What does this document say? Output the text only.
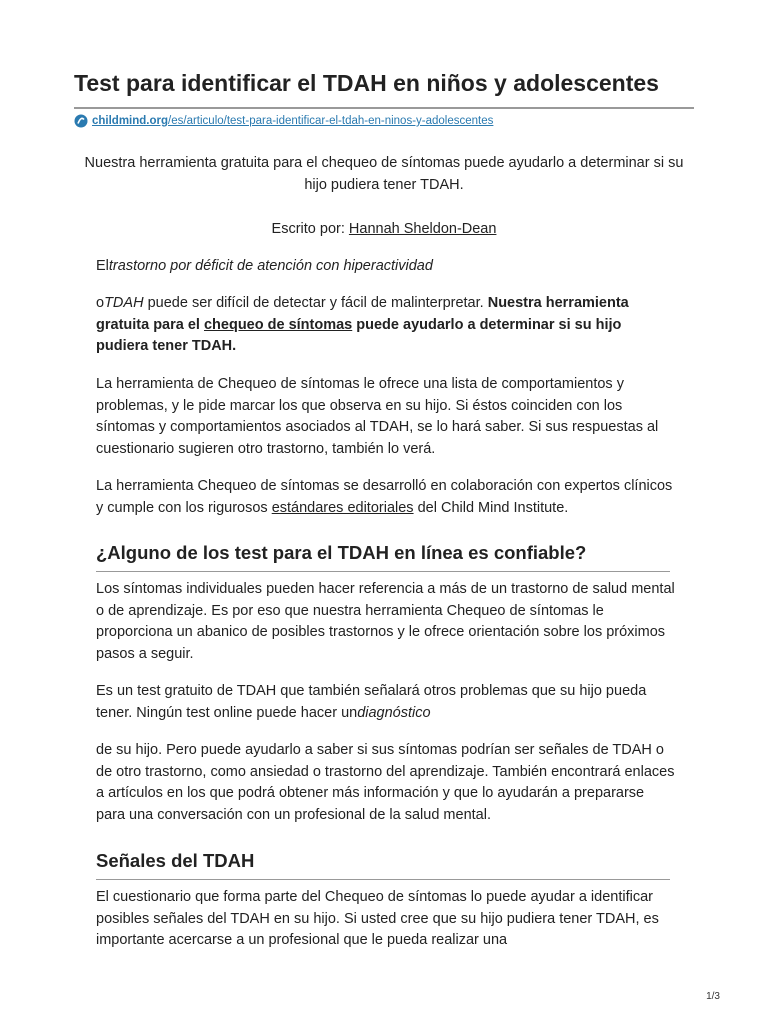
Test para identificar el TDAH en niños y adolescentes
childmind.org /es/articulo/test-para-identificar-el-tdah-en-ninos-y-adolescentes

Nuestra herramienta gratuita para el chequeo de síntomas puede ayudarlo a determinar si su hijo pudiera tener TDAH.

Escrito por: Hannah Sheldon-Dean

Eltrastorno por déficit de atención con hiperactividad

oTDAH puede ser difícil de detectar y fácil de malinterpretar. Nuestra herramienta gratuita para el chequeo de síntomas puede ayudarlo a determinar si su hijo pudiera tener TDAH.

La herramienta de Chequeo de síntomas le ofrece una lista de comportamientos y problemas, y le pide marcar los que observa en su hijo. Si éstos coinciden con los síntomas y comportamientos asociados al TDAH, se lo hará saber. Si sus respuestas al cuestionario sugieren otro trastorno, también lo verá.

La herramienta Chequeo de síntomas se desarrolló en colaboración con expertos clínicos y cumple con los rigurosos estándares editoriales del Child Mind Institute.

¿Alguno de los test para el TDAH en línea es confiable?

Los síntomas individuales pueden hacer referencia a más de un trastorno de salud mental o de aprendizaje. Es por eso que nuestra herramienta Chequeo de síntomas le proporciona un abanico de posibles trastornos y le ofrece orientación sobre los próximos pasos a seguir.

Es un test gratuito de TDAH que también señalará otros problemas que su hijo pueda tener. Ningún test online puede hacer undiagnóstico

de su hijo. Pero puede ayudarlo a saber si sus síntomas podrían ser señales de TDAH o de otro trastorno, como ansiedad o trastorno del aprendizaje. También encontrará enlaces a artículos en los que podrá obtener más información y que lo ayudarán a prepararse para una conversación con un profesional de la salud mental.

Señales del TDAH

El cuestionario que forma parte del Chequeo de síntomas lo puede ayudar a identificar posibles señales del TDAH en su hijo. Si usted cree que su hijo pudiera tener TDAH, es importante acercarse a un profesional que le pueda realizar una

1/3
